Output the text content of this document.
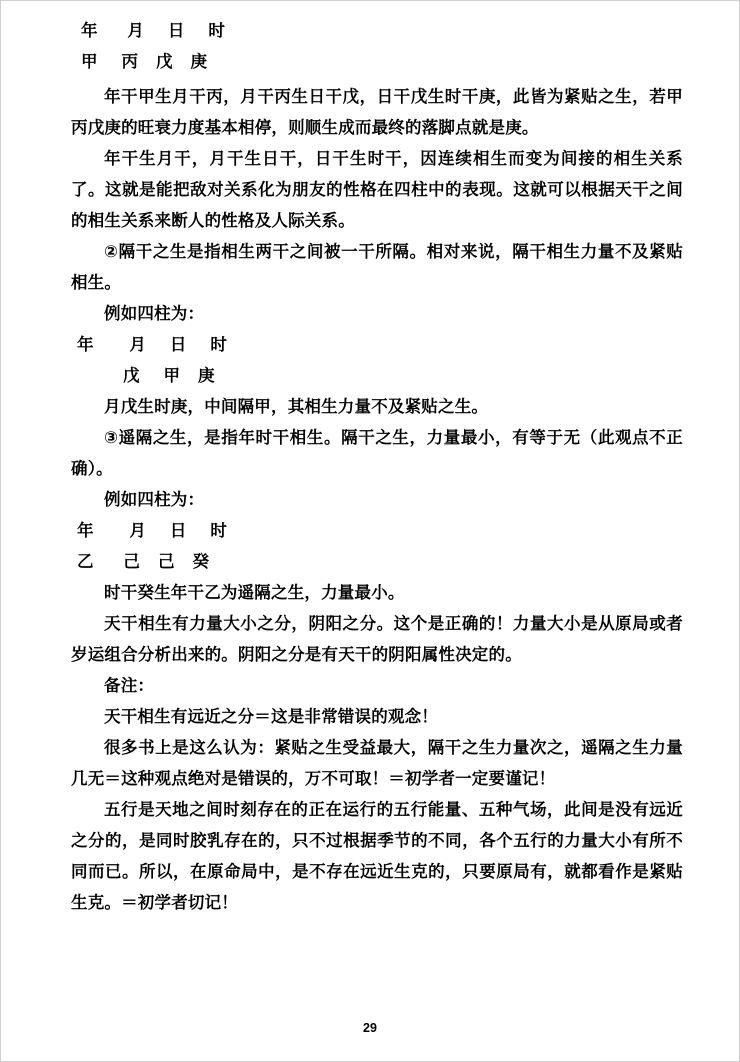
年     月    日    时
甲    丙   戊   庚

年干甲生月干丙，月干丙生日干戊，日干戊生时干庚，此皆为紧贴之生，若甲丙戊庚的旺衰力度基本相停，则顺生成而最终的落脚点就是庚。

年干生月干，月干生日干，日干生时干，因连续相生而变为间接的相生关系了。这就是能把敌对关系化为朋友的性格在四柱中的表现。这就可以根据天干之间的相生关系来断人的性格及人际关系。

②隔干之生是指相生两干之间被一干所隔。相对来说，隔干相生力量不及紧贴相生。

例如四柱为：

年      月    日    时
戊    甲   庚

月戊生时庚，中间隔甲，其相生力量不及紧贴之生。

③遥隔之生，是指年时干相生。隔干之生，力量最小，有等于无（此观点不正确）。

例如四柱为：

年      月    日    时
乙     己   己   癸

时干癸生年干乙为遥隔之生，力量最小。

天干相生有力量大小之分，阴阳之分。这个是正确的！力量大小是从原局或者岁运组合分析出来的。阴阳之分是有天干的阴阳属性决定的。

备注：

天干相生有远近之分＝这是非常错误的观念！

很多书上是这么认为：紧贴之生受益最大，隔干之生力量次之，遥隔之生力量几无＝这种观点绝对是错误的，万不可取！＝初学者一定要谨记！

五行是天地之间时刻存在的正在运行的五行能量、五种气场，此间是没有远近之分的，是同时胶乳存在的，只不过根据季节的不同，各个五行的力量大小有所不同而已。所以，在原命局中，是不存在远近生克的，只要原局有，就都看作是紧贴生克。＝初学者切记！

29
